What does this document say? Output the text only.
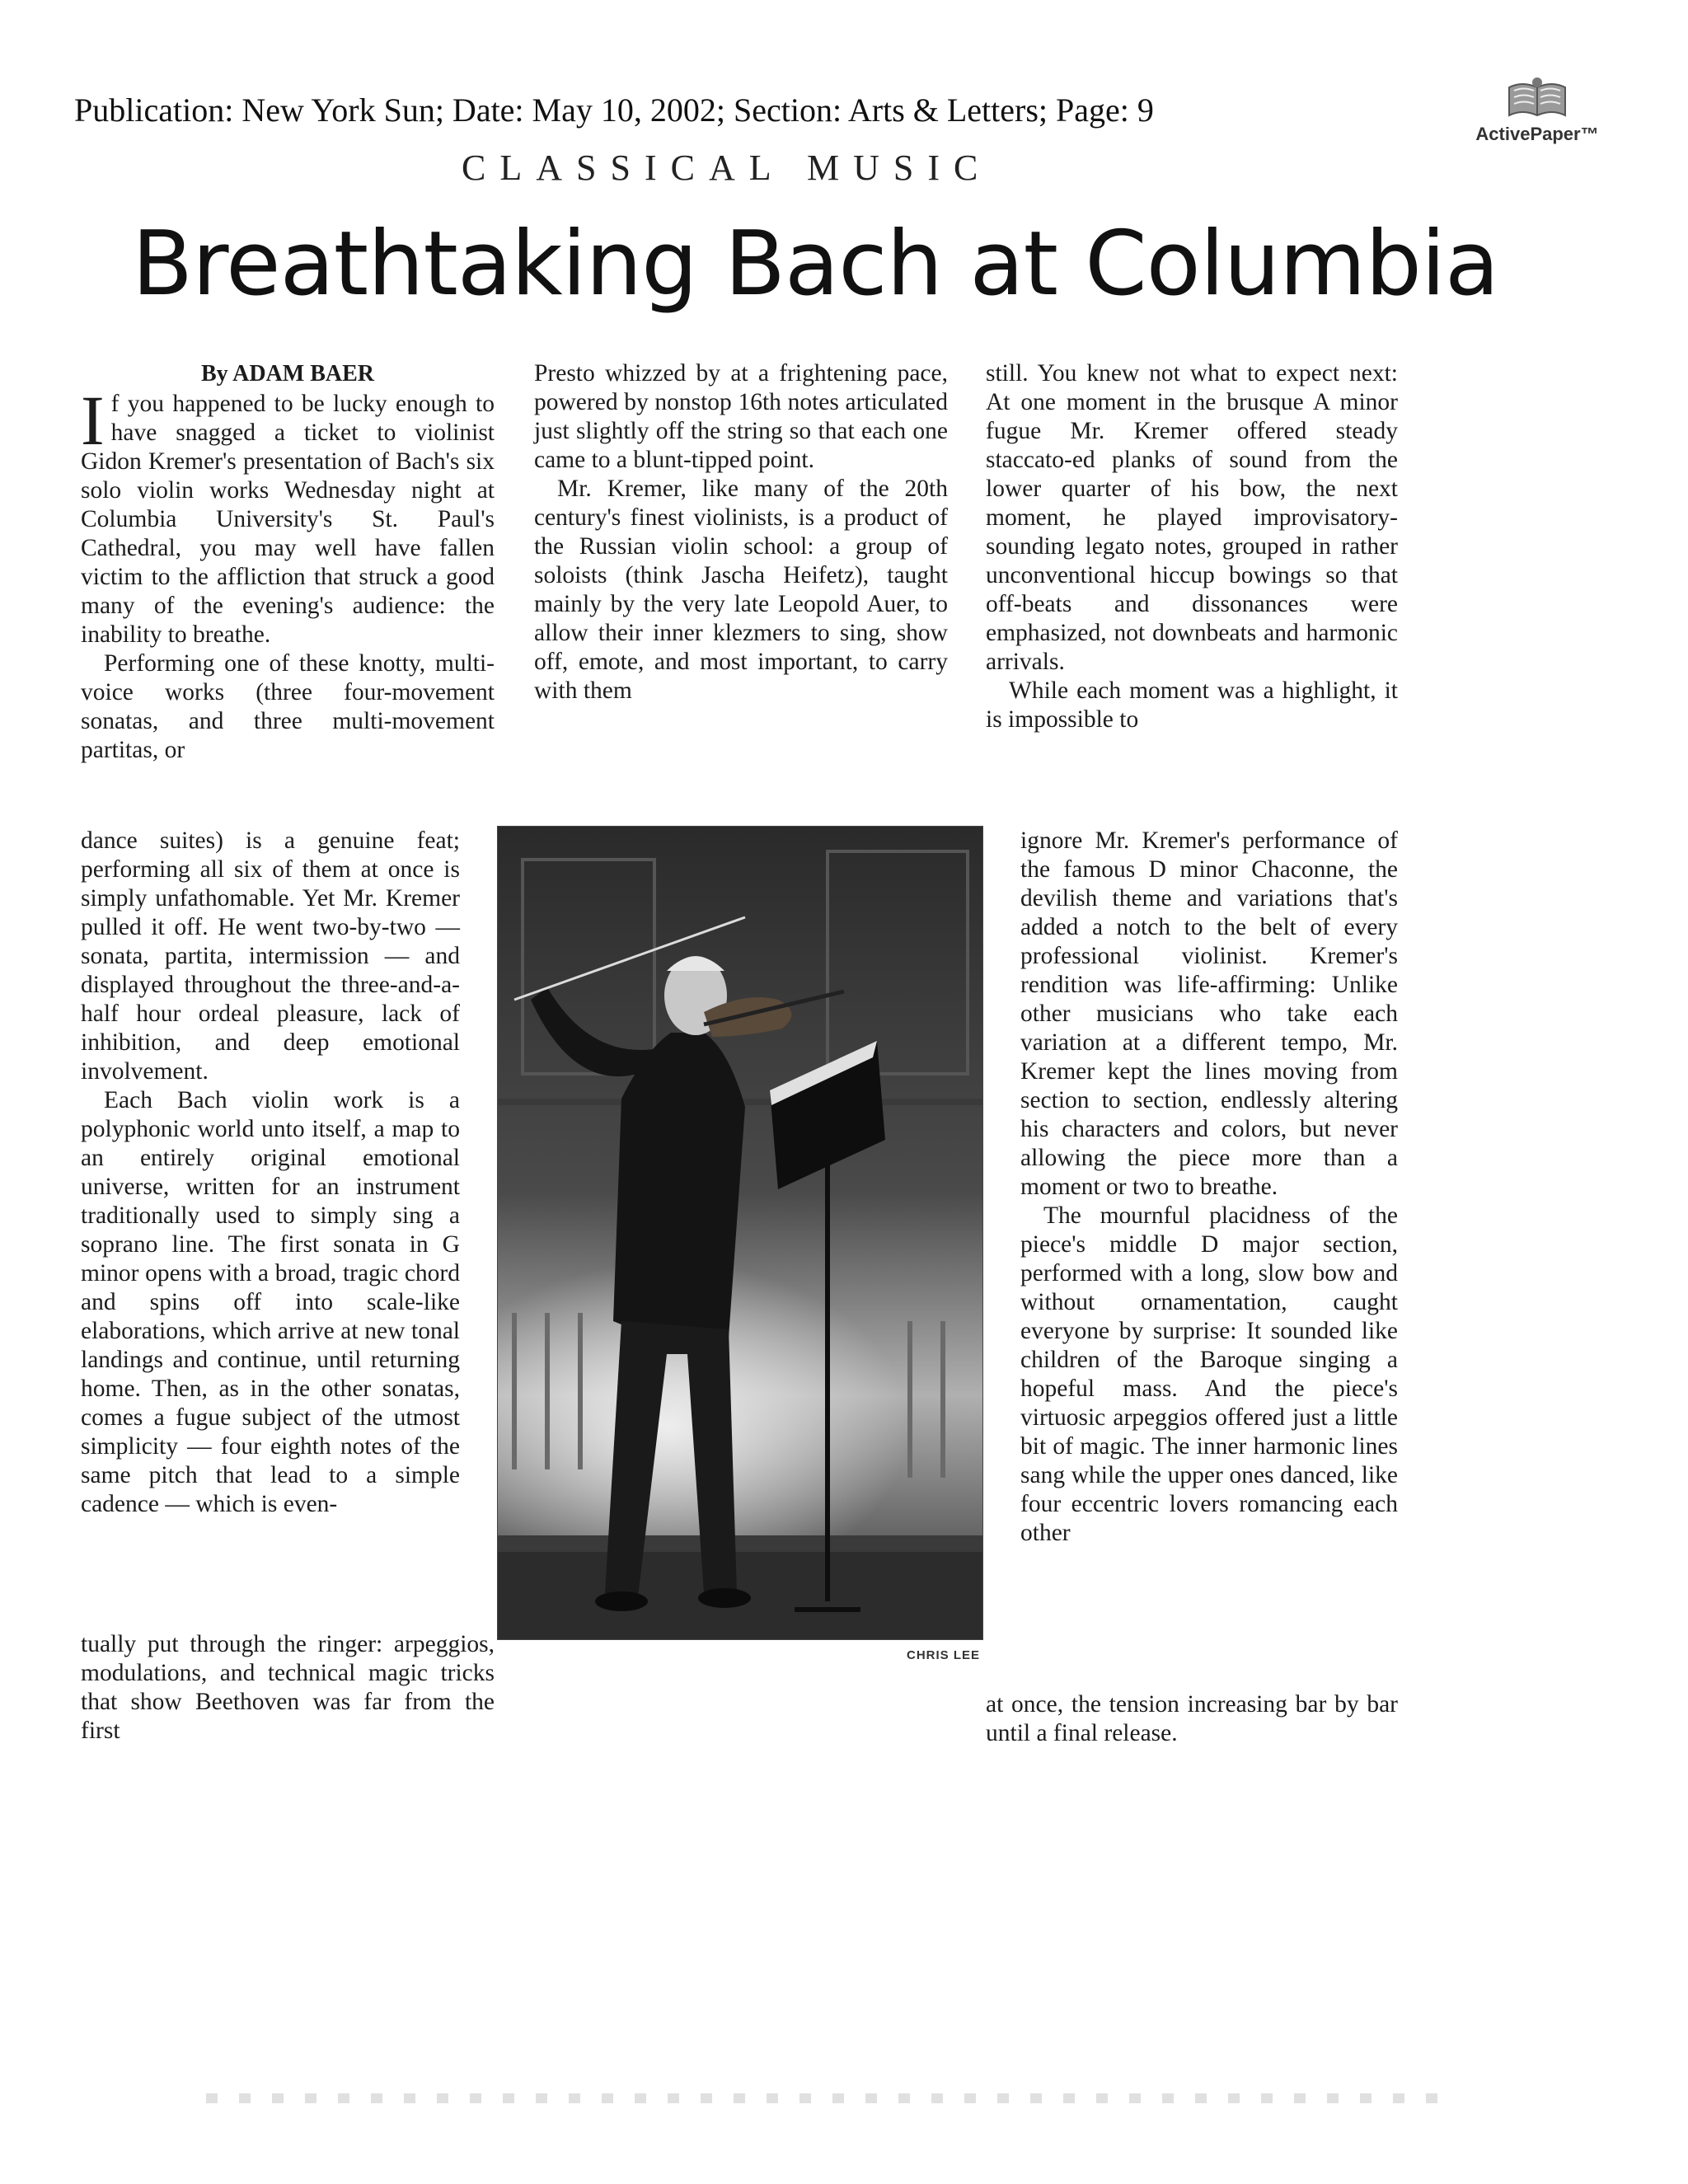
Publication: New York Sun; Date: May 10, 2002; Section: Arts & Letters; Page: 9
ActivePaper™
CLASSICAL MUSIC
Breathtaking Bach at Columbia
By ADAM BAER

If you happened to be lucky enough to have snagged a ticket to violinist Gidon Kremer's presentation of Bach's six solo violin works Wednesday night at Columbia University's St. Paul's Cathedral, you may well have fallen victim to the affliction that struck a good many of the evening's audience: the inability to breathe.

Performing one of these knotty, multi-voice works (three four-movement sonatas, and three multi-movement partitas, or

dance suites) is a genuine feat; performing all six of them at once is simply unfathomable. Yet Mr. Kremer pulled it off. He went two-by-two — sonata, partita, intermission — and displayed throughout the three-and-a-half hour ordeal pleasure, lack of inhibition, and deep emotional involvement.

Each Bach violin work is a polyphonic world unto itself, a map to an entirely original emotional universe, written for an instrument traditionally used to simply sing a soprano line. The first sonata in G minor opens with a broad, tragic chord and spins off into scale-like elaborations, which arrive at new tonal landings and continue, until returning home. Then, as in the other sonatas, comes a fugue subject of the utmost simplicity — four eighth notes of the same pitch that lead to a simple cadence — which is even-

tually put through the ringer: arpeggios, modulations, and technical magic tricks that show Beethoven was far from the first

Presto whizzed by at a frightening pace, powered by nonstop 16th notes articulated just slightly off the string so that each one came to a blunt-tipped point.

Mr. Kremer, like many of the 20th century's finest violinists, is a product of the Russian violin school: a group of soloists (think Jascha Heifetz), taught mainly by the very late Leopold Auer, to allow their inner klezmers to sing, show off, emote, and most important, to carry with them

still. You knew not what to expect next: At one moment in the brusque A minor fugue Mr. Kremer offered steady staccato-ed planks of sound from the lower quarter of his bow, the next moment, he played improvisatory-sounding legato notes, grouped in rather unconventional hiccup bowings so that off-beats and dissonances were emphasized, not downbeats and harmonic arrivals.

While each moment was a highlight, it is impossible to

ignore Mr. Kremer's performance of the famous D minor Chaconne, the devilish theme and variations that's added a notch to the belt of every professional violinist. Kremer's rendition was life-affirming: Unlike other musicians who take each variation at a different tempo, Mr. Kremer kept the lines moving from section to section, endlessly altering his characters and colors, but never allowing the piece more than a moment or two to breathe.

The mournful placidness of the piece's middle D major section, performed with a long, slow bow and without ornamentation, caught everyone by surprise: It sounded like children of the Baroque singing a hopeful mass. And the piece's virtuosic arpeggios offered just a little bit of magic. The inner harmonic lines sang while the upper ones danced, like four eccentric lovers romancing each other

at once, the tension increasing bar by bar until a final release.

CHRIS LEE
